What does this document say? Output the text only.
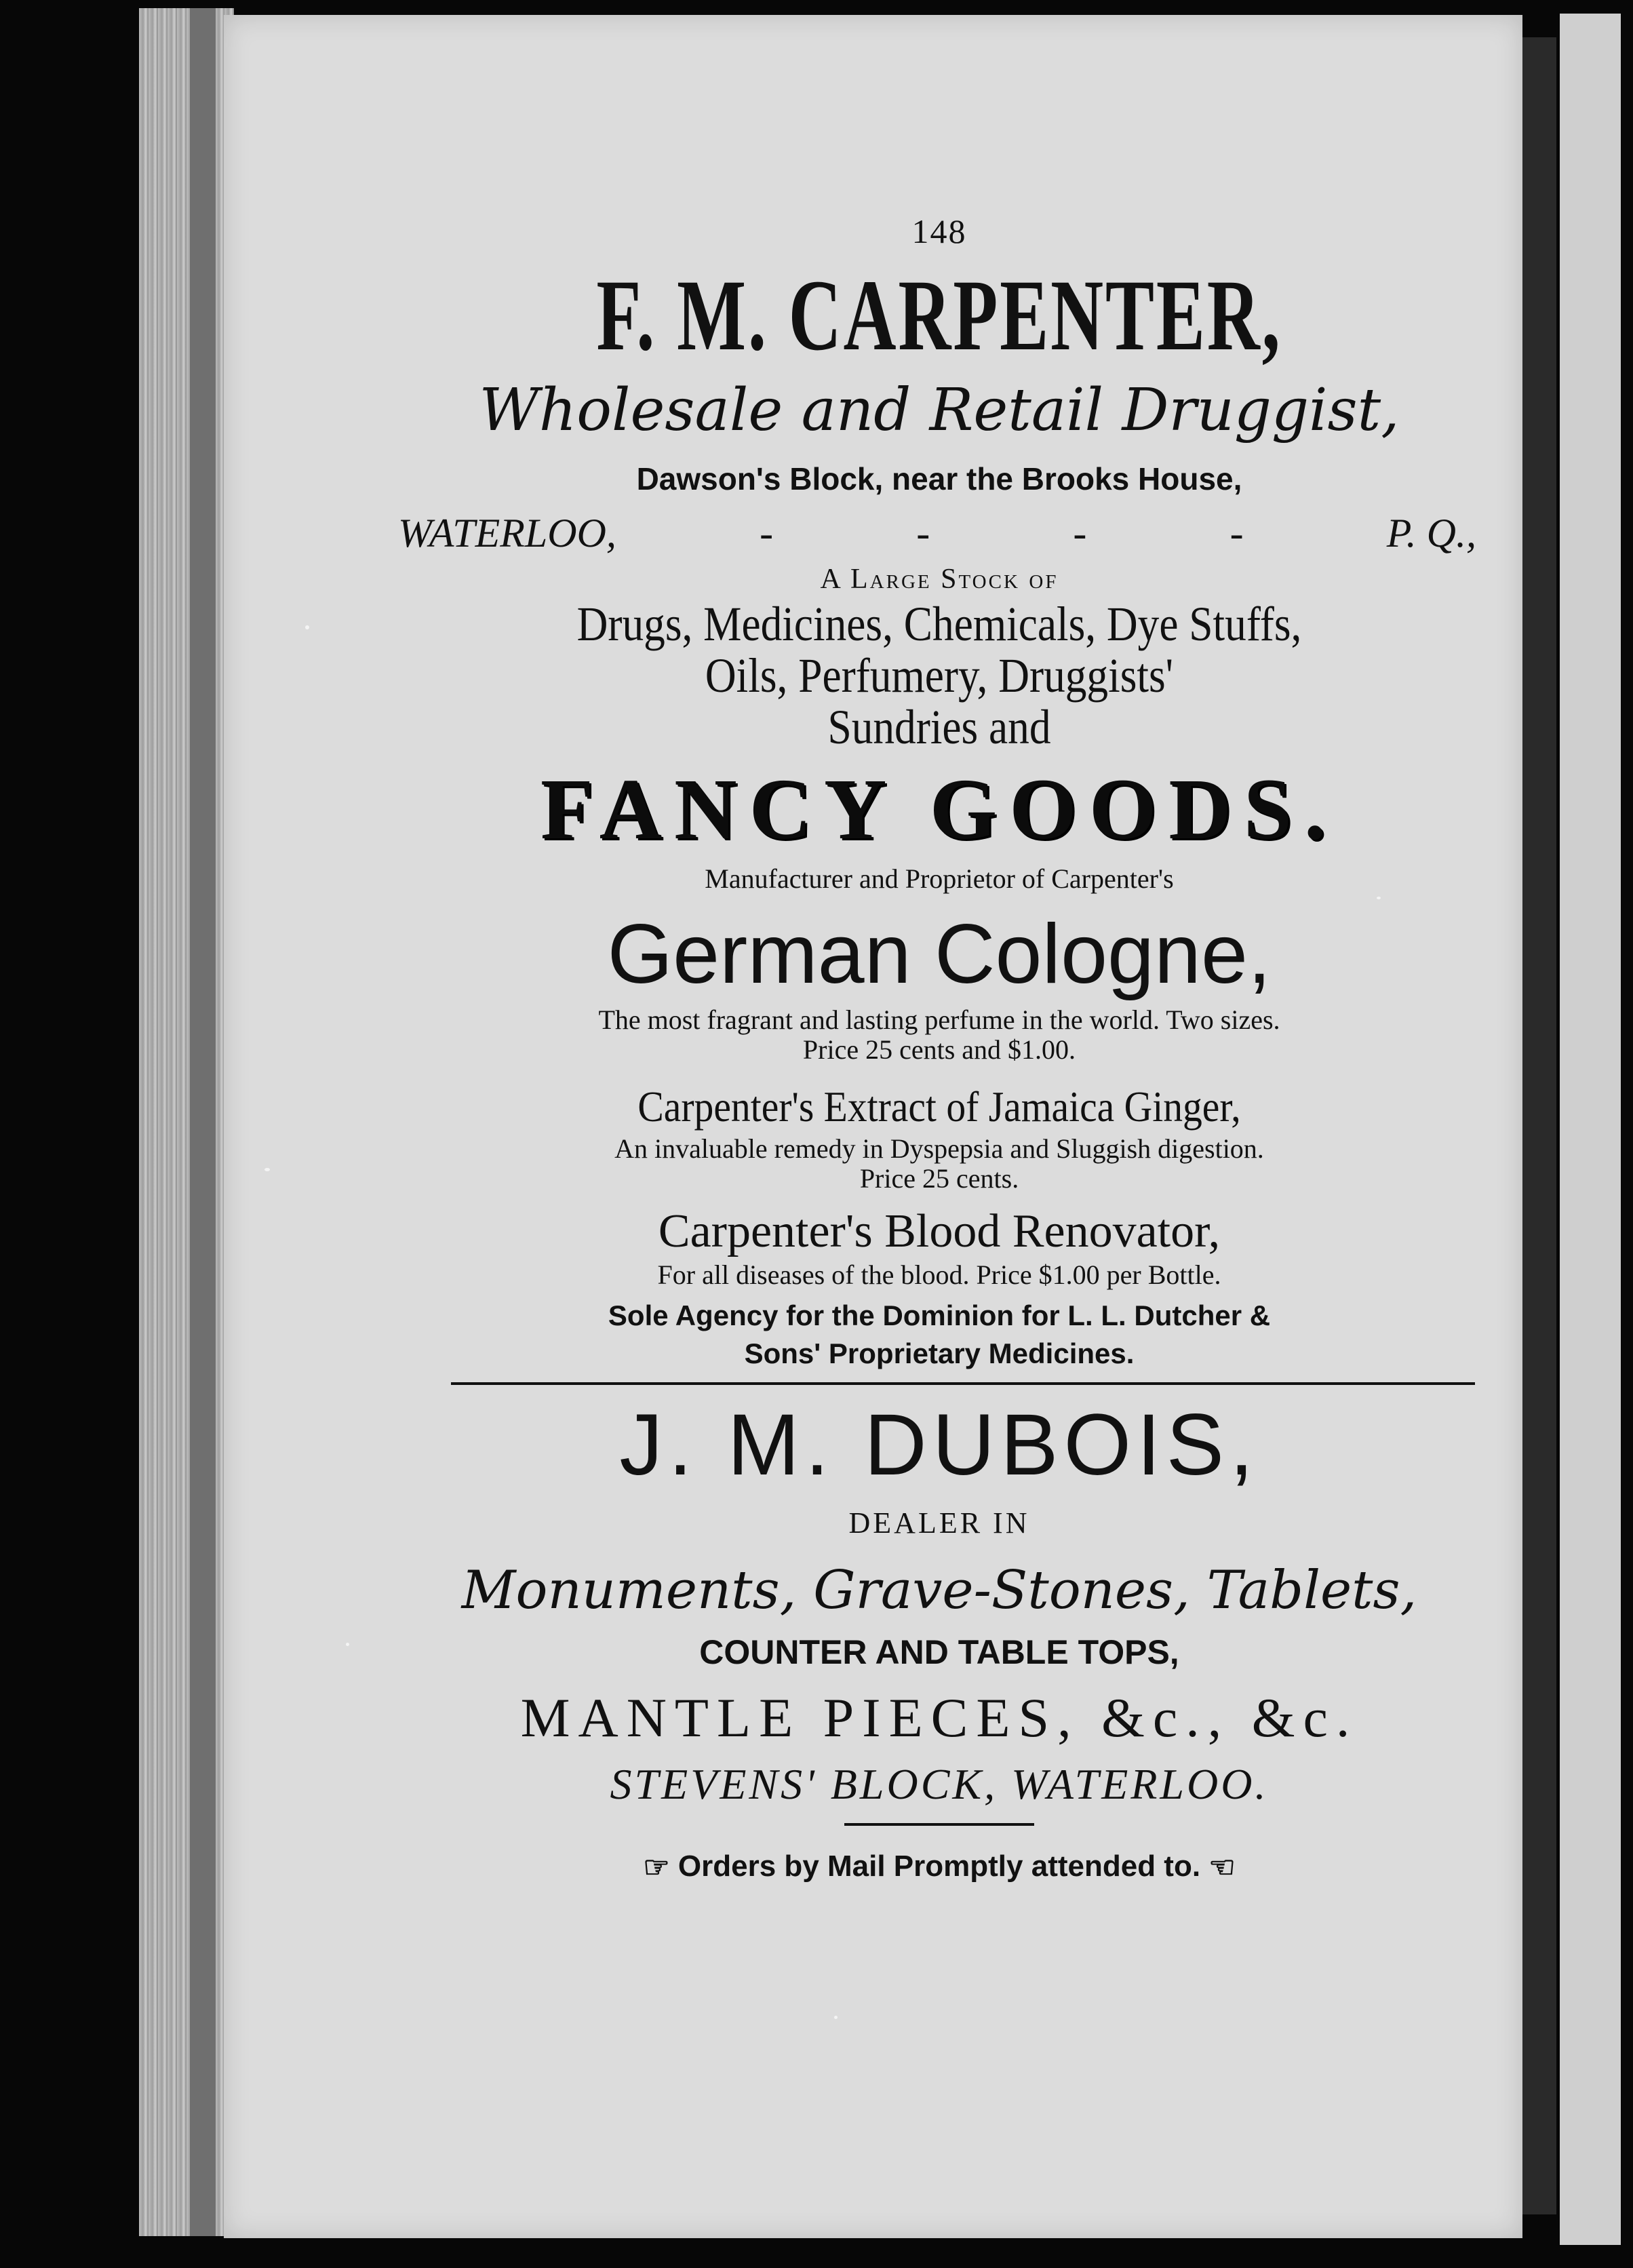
148
F. M. CARPENTER,
Wholesale and Retail Druggist,
Dawson's Block, near the Brooks House,
WATERLOO,	-	-	-	-	P. Q.,
A Large Stock of
Drugs, Medicines, Chemicals, Dye Stuffs,
Oils, Perfumery, Druggists'
Sundries and
FANCY GOODS.
Manufacturer and Proprietor of Carpenter's
German Cologne,
The most fragrant and lasting perfume in the world. Two sizes.
Price 25 cents and $1.00.
Carpenter's Extract of Jamaica Ginger,
An invaluable remedy in Dyspepsia and Sluggish digestion.
Price 25 cents.
Carpenter's Blood Renovator,
For all diseases of the blood. Price $1.00 per Bottle.
Sole Agency for the Dominion for L. L. Dutcher &
Sons' Proprietary Medicines.
J. M. DUBOIS,
DEALER IN
Monuments, Grave-Stones, Tablets,
COUNTER AND TABLE TOPS,
MANTLE PIECES, &c., &c.
STEVENS' BLOCK, WATERLOO.
☞ Orders by Mail Promptly attended to. ☜
